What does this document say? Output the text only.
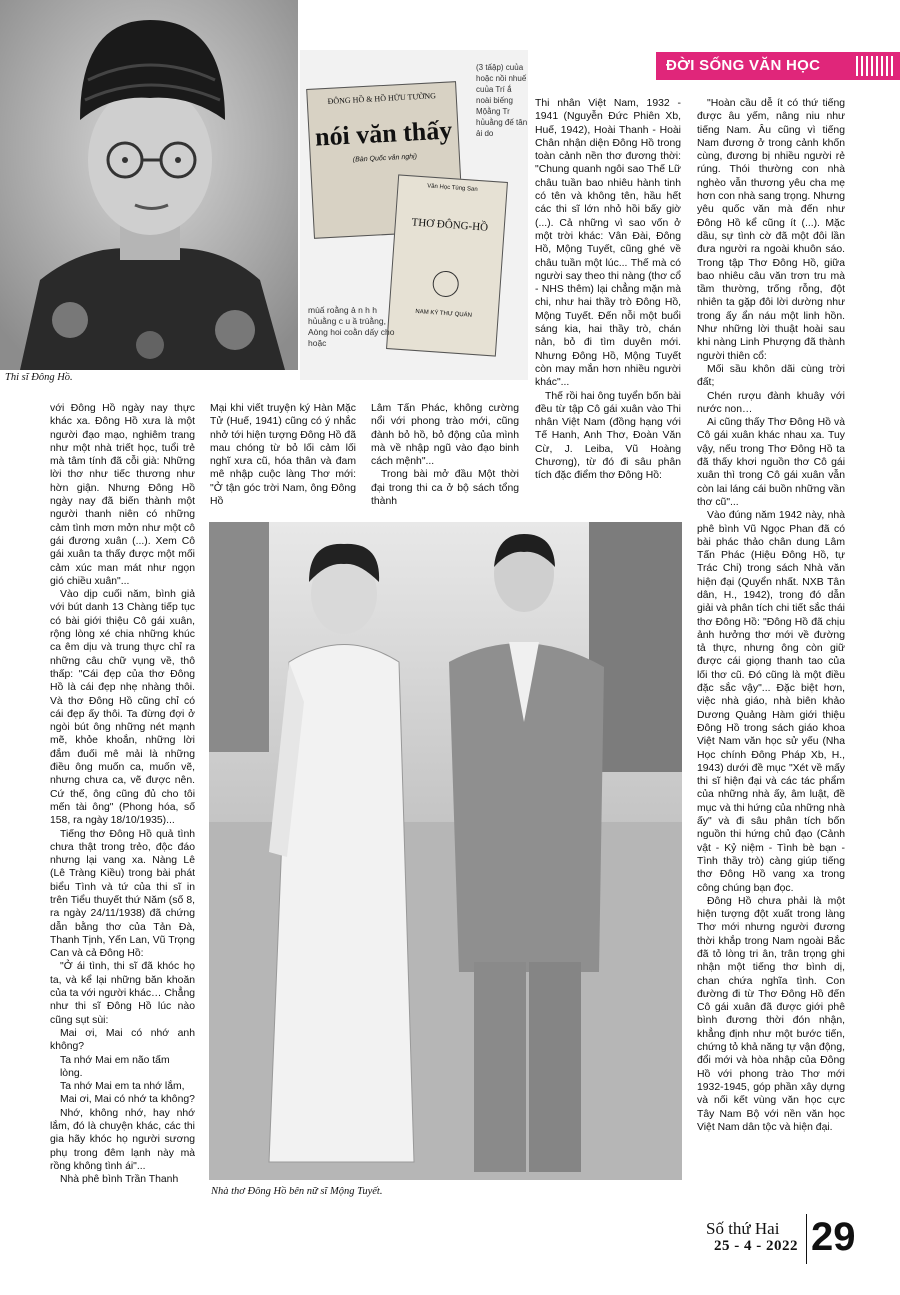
ĐỜI SỐNG VĂN HỌC
Thi sĩ Đông Hồ.
ĐÔNG HỒ & HỒ HỮU TƯỜNG
nói văn thấy
(Bàn Quốc văn nghị)
Văn Học Tùng San
THƠ ĐÔNG-HỒ
NAM KÝ THƯ QUÁN
(3 tấập) cuủa hoặc nồi nhuế cuủa Trí ắ noài biếng Mộằng Tr hủuằng đế tân ải do
mùấ roằng ả n h h hủuằng c u ầ trùằng, Aòng hoi coằn dấy cho hoặc
Nhà thơ Đông Hồ bên nữ sĩ Mộng Tuyết.

với Đông Hồ ngày nay thực khác xa. Đông Hồ xưa là một người đạo mạo, nghiêm trang như một nhà triết học, tuổi trẻ mà tâm tính đã cỗi già: Những lời thơ như tiếc thương như hờn giận. Nhưng Đông Hồ ngày nay đã biến thành một người thanh niên có những cảm tình mơn mởn như một cô gái đương xuân (...). Xem Cô gái xuân ta thấy được một mối cảm xúc man mát như ngọn gió chiều xuân"...

Vào dịp cuối năm, bình giả với bút danh 13 Chàng tiếp tục có bài giới thiệu Cô gái xuân, rộng lòng xé chia những khúc ca êm dịu và trung thực chỉ ra những câu chữ vụng về, thô thấp: "Cái đẹp của thơ Đông Hồ là cái đẹp nhẹ nhàng thôi. Và thơ Đông Hồ cũng chỉ có cái đẹp ấy thôi. Ta đừng đợi ở ngòi bút ông những nét mạnh mẽ, khỏe khoắn, những lời đắm đuối mê mải là những điều ông muốn ca, muốn vẽ, nhưng chưa ca, vẽ được nên. Cứ thế, ông cũng đủ cho tôi mến tài ông" (Phong hóa, số 158, ra ngày 18/10/1935)...

Tiếng thơ Đông Hồ quả tình chưa thật trong trẻo, độc đáo nhưng lại vang xa. Nàng Lê (Lê Tràng Kiều) trong bài phát biểu Tình và tứ của thi sĩ in trên Tiểu thuyết thứ Năm (số 8, ra ngày 24/11/1938) đã chứng dẫn bằng thơ của Tản Đà, Thanh Tịnh, Yến Lan, Vũ Trọng Can và cả Đông Hồ:

"Ở ái tình, thi sĩ đã khóc họ ta, và kể lại những băn khoăn của ta với người khác… Chẳng như thi sĩ Đông Hồ lúc nào cũng sụt sùi:

Mai ơi, Mai có nhớ anh không?

Ta nhớ Mai em não tấm lòng.

Ta nhớ Mai em ta nhớ lắm,

Mai ơi, Mai có nhớ ta không?

Nhớ, không nhớ, hay nhớ lắm, đó là chuyện khác, các thi gia hãy khóc họ người sương phụ trong đêm lạnh này mà rồng không tình ái"...

Nhà phê bình Trần Thanh

Mại khi viết truyện ký Hàn Mặc Tử (Huế, 1941) cũng có ý nhắc nhở tới hiện tượng Đông Hồ đã mau chóng từ bỏ lối cảm lối nghĩ xưa cũ, hóa thân và đam mê nhập cuộc làng Thơ mới: "Ở tận góc trời Nam, ông Đông Hồ

Lâm Tấn Phác, không cường nổi với phong trào mới, cũng đành bỏ hồ, bỏ động của mình mà về nhập ngũ vào đạo binh cách mệnh"...

Trong bài mở đầu Một thời đại trong thi ca ở bộ sách tổng thành

Thi nhân Việt Nam, 1932 - 1941 (Nguyễn Đức Phiên Xb, Huế, 1942), Hoài Thanh - Hoài Chân nhận diện Đông Hồ trong toàn cảnh nền thơ đương thời: "Chung quanh ngôi sao Thế Lữ châu tuần bao nhiêu hành tinh có tên và không tên, hầu hết các thi sĩ lớn nhỏ hồi bấy giờ (...). Cả những vì sao vốn ở một trời khác: Vân Đài, Đông Hồ, Mộng Tuyết, cũng ghé về châu tuần một lúc... Thế mà có người say theo thi nàng (thơ cổ - NHS thêm) lại chẳng mặn mà chi, như hai thầy trò Đông Hồ, Mộng Tuyết. Đến nỗi một buổi sáng kia, hai thầy trò, chán nản, bỏ đi tìm duyên mới. Nhưng Đông Hồ, Mộng Tuyết còn may mắn hơn nhiều người khác"...

Thế rồi hai ông tuyển bốn bài đều từ tập Cô gái xuân vào Thi nhân Việt Nam (đồng hạng với Tế Hanh, Anh Thơ, Đoàn Văn Cừ, J. Leiba, Vũ Hoàng Chương), từ đó đi sâu phân tích đặc điểm thơ Đông Hồ:

"Hoàn cầu dễ ít có thứ tiếng được âu yếm, nâng niu như tiếng Nam. Âu cũng vì tiếng Nam đương ở trong cảnh khốn cùng, đương bị nhiều người rẻ rúng. Thói thường con nhà nghèo vẫn thương yêu cha mẹ hơn con nhà sang trọng. Nhưng yêu quốc văn mà đến như Đông Hồ kể cũng ít (...). Mặc dầu, sự tình cờ đã một đôi lần đưa người ra ngoài khuôn sáo. Trong tập Thơ Đông Hồ, giữa bao nhiêu câu văn trơn tru mà tầm thường, trống rỗng, đột nhiên ta gặp đôi lời dường như trong ấy ẩn náu một linh hồn. Như những lời thuật hoài sau khi nàng Linh Phượng đã thành người thiên cổ:

Mối sầu khôn dãi cùng trời đất;

Chén rượu đành khuây với nước non…

Ai cũng thấy Thơ Đông Hồ và Cô gái xuân khác nhau xa. Tuy vậy, nếu trong Thơ Đông Hồ ta đã thấy khơi nguồn thơ Cô gái xuân thì trong Cô gái xuân vẫn còn lai láng cái buồn những vần thơ cũ"...

Vào đúng năm 1942 này, nhà phê bình Vũ Ngọc Phan đã có bài phác thảo chân dung Lâm Tấn Phác (Hiệu Đông Hồ, tự Trác Chi) trong sách Nhà văn hiện đại (Quyển nhất. NXB Tân dân, H., 1942), trong đó dẫn giải và phân tích chi tiết sắc thái thơ Đông Hồ: "Đông Hồ đã chịu ảnh hưởng thơ mới về đường tả thực, nhưng ông còn giữ được cái giọng thanh tao của lối thơ cũ. Đó cũng là một điều đặc sắc vậy"... Đặc biệt hơn, việc nhà giáo, nhà biên khảo Dương Quảng Hàm giới thiệu Đông Hồ trong sách giáo khoa Việt Nam văn học sử yếu (Nha Học chính Đông Pháp Xb, H., 1943) dưới đề mục "Xét về mấy thi sĩ hiện đại và các tác phẩm của những nhà ấy, âm luật, đề mục và thi hứng của những nhà ấy" và đi sâu phân tích bốn nguồn thi hứng chủ đạo (Cảnh vật - Kỷ niệm - Tình bè bạn - Tình thầy trò) càng giúp tiếng thơ Đông Hồ vang xa trong công chúng bạn đọc.

Đông Hồ chưa phải là một hiện tượng đột xuất trong làng Thơ mới nhưng người đương thời khắp trong Nam ngoài Bắc đã tỏ lòng tri ân, trân trọng ghi nhận một tiếng thơ bình dị, chan chứa nghĩa tình. Con đường đi từ Thơ Đông Hồ đến Cô gái xuân đã được giới phê bình đương thời đón nhận, khẳng định như một bước tiến, chứng tỏ khả năng tự vận động, đổi mới và hòa nhập của Đông Hồ với phong trào Thơ mới 1932-1945, góp phần xây dựng và nối kết vùng văn học cực Tây Nam Bộ với nền văn học Việt Nam dân tộc và hiện đại.

Số thứ Hai
25 - 4 - 2022 29
